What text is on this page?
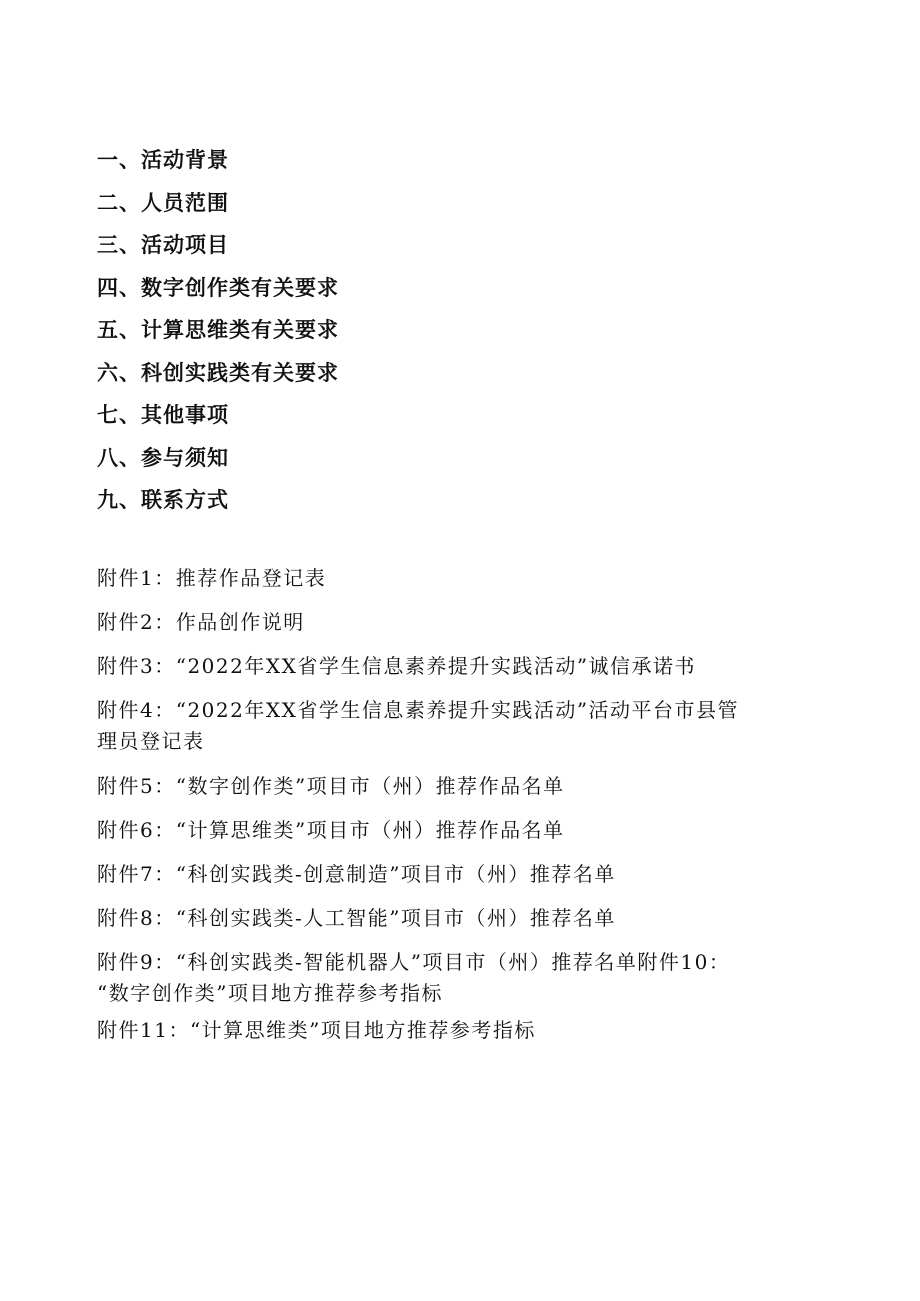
一、活动背景
二、人员范围
三、活动项目
四、数字创作类有关要求
五、计算思维类有关要求
六、科创实践类有关要求
七、其他事项
八、参与须知
九、联系方式
附件1：推荐作品登记表
附件2：作品创作说明
附件3：“2022年XX省学生信息素养提升实践活动”诚信承诺书
附件4：“2022年XX省学生信息素养提升实践活动”活动平台市县管
理员登记表
附件5：“数字创作类”项目市（州）推荐作品名单
附件6：“计算思维类”项目市（州）推荐作品名单
附件7：“科创实践类-创意制造”项目市（州）推荐名单
附件8：“科创实践类-人工智能”项目市（州）推荐名单
附件9：“科创实践类-智能机器人”项目市（州）推荐名单附件10：
“数字创作类”项目地方推荐参考指标
附件11：“计算思维类”项目地方推荐参考指标
